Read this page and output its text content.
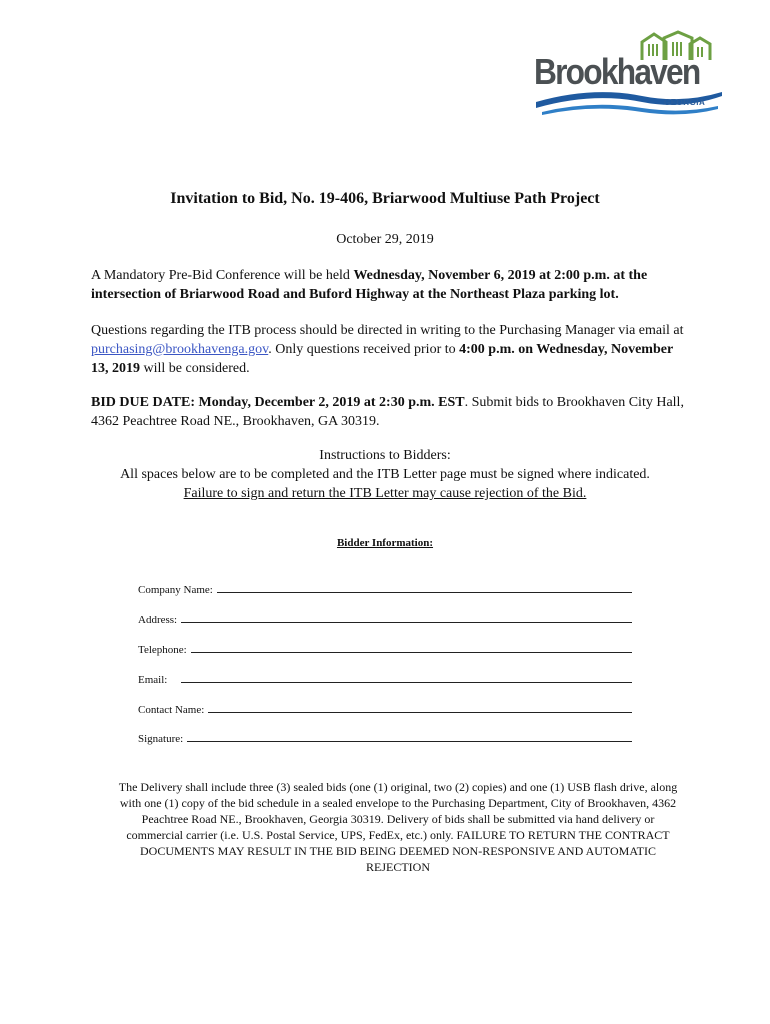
Brookhaven
GEORGIA
Invitation to Bid, No. 19-406, Briarwood Multiuse Path Project
October 29, 2019
A Mandatory Pre-Bid Conference will be held Wednesday, November 6, 2019 at 2:00 p.m. at the intersection of Briarwood Road and Buford Highway at the Northeast Plaza parking lot.
Questions regarding the ITB process should be directed in writing to the Purchasing Manager via email at purchasing@brookhavenga.gov. Only questions received prior to 4:00 p.m. on Wednesday, November 13, 2019 will be considered.
BID DUE DATE: Monday, December 2, 2019 at 2:30 p.m. EST. Submit bids to Brookhaven City Hall, 4362 Peachtree Road NE., Brookhaven, GA 30319.
Instructions to Bidders:
All spaces below are to be completed and the ITB Letter page must be signed where indicated.
Failure to sign and return the ITB Letter may cause rejection of the Bid.
Bidder Information:
Company Name:
Address:
Telephone:
Email:
Contact Name:
Signature:
The Delivery shall include three (3) sealed bids (one (1) original, two (2) copies) and one (1) USB flash drive, along with one (1) copy of the bid schedule in a sealed envelope to the Purchasing Department, City of Brookhaven, 4362 Peachtree Road NE., Brookhaven, Georgia 30319. Delivery of bids shall be submitted via hand delivery or commercial carrier (i.e. U.S. Postal Service, UPS, FedEx, etc.) only. FAILURE TO RETURN THE CONTRACT DOCUMENTS MAY RESULT IN THE BID BEING DEEMED NON-RESPONSIVE AND AUTOMATIC REJECTION
